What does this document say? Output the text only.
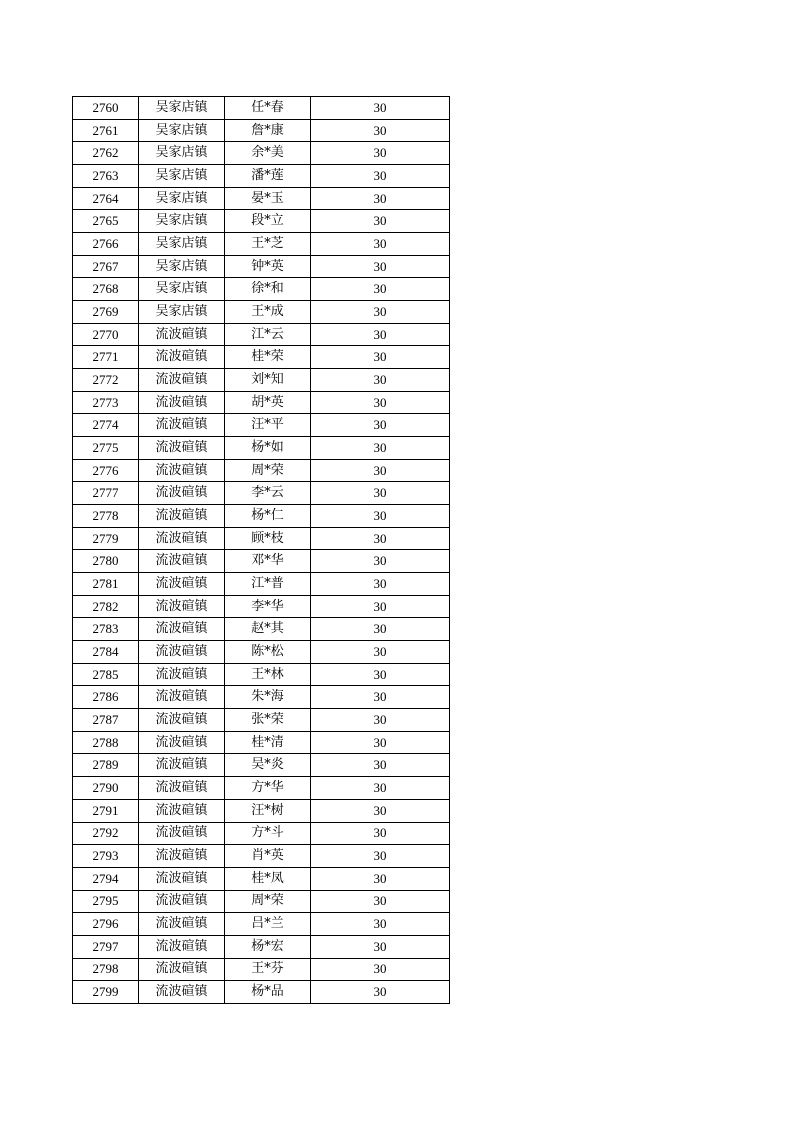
2760	吴家店镇	任*春	30
2761	吴家店镇	詹*康	30
2762	吴家店镇	余*美	30
2763	吴家店镇	潘*莲	30
2764	吴家店镇	晏*玉	30
2765	吴家店镇	段*立	30
2766	吴家店镇	王*芝	30
2767	吴家店镇	钟*英	30
2768	吴家店镇	徐*和	30
2769	吴家店镇	王*成	30
2770	流波碹镇	江*云	30
2771	流波碹镇	桂*荣	30
2772	流波碹镇	刘*知	30
2773	流波碹镇	胡*英	30
2774	流波碹镇	汪*平	30
2775	流波碹镇	杨*如	30
2776	流波碹镇	周*荣	30
2777	流波碹镇	李*云	30
2778	流波碹镇	杨*仁	30
2779	流波碹镇	顾*枝	30
2780	流波碹镇	邓*华	30
2781	流波碹镇	江*普	30
2782	流波碹镇	李*华	30
2783	流波碹镇	赵*其	30
2784	流波碹镇	陈*松	30
2785	流波碹镇	王*林	30
2786	流波碹镇	朱*海	30
2787	流波碹镇	张*荣	30
2788	流波碹镇	桂*清	30
2789	流波碹镇	吴*炎	30
2790	流波碹镇	方*华	30
2791	流波碹镇	汪*树	30
2792	流波碹镇	方*斗	30
2793	流波碹镇	肖*英	30
2794	流波碹镇	桂*凤	30
2795	流波碹镇	周*荣	30
2796	流波碹镇	吕*兰	30
2797	流波碹镇	杨*宏	30
2798	流波碹镇	王*芬	30
2799	流波碹镇	杨*品	30
